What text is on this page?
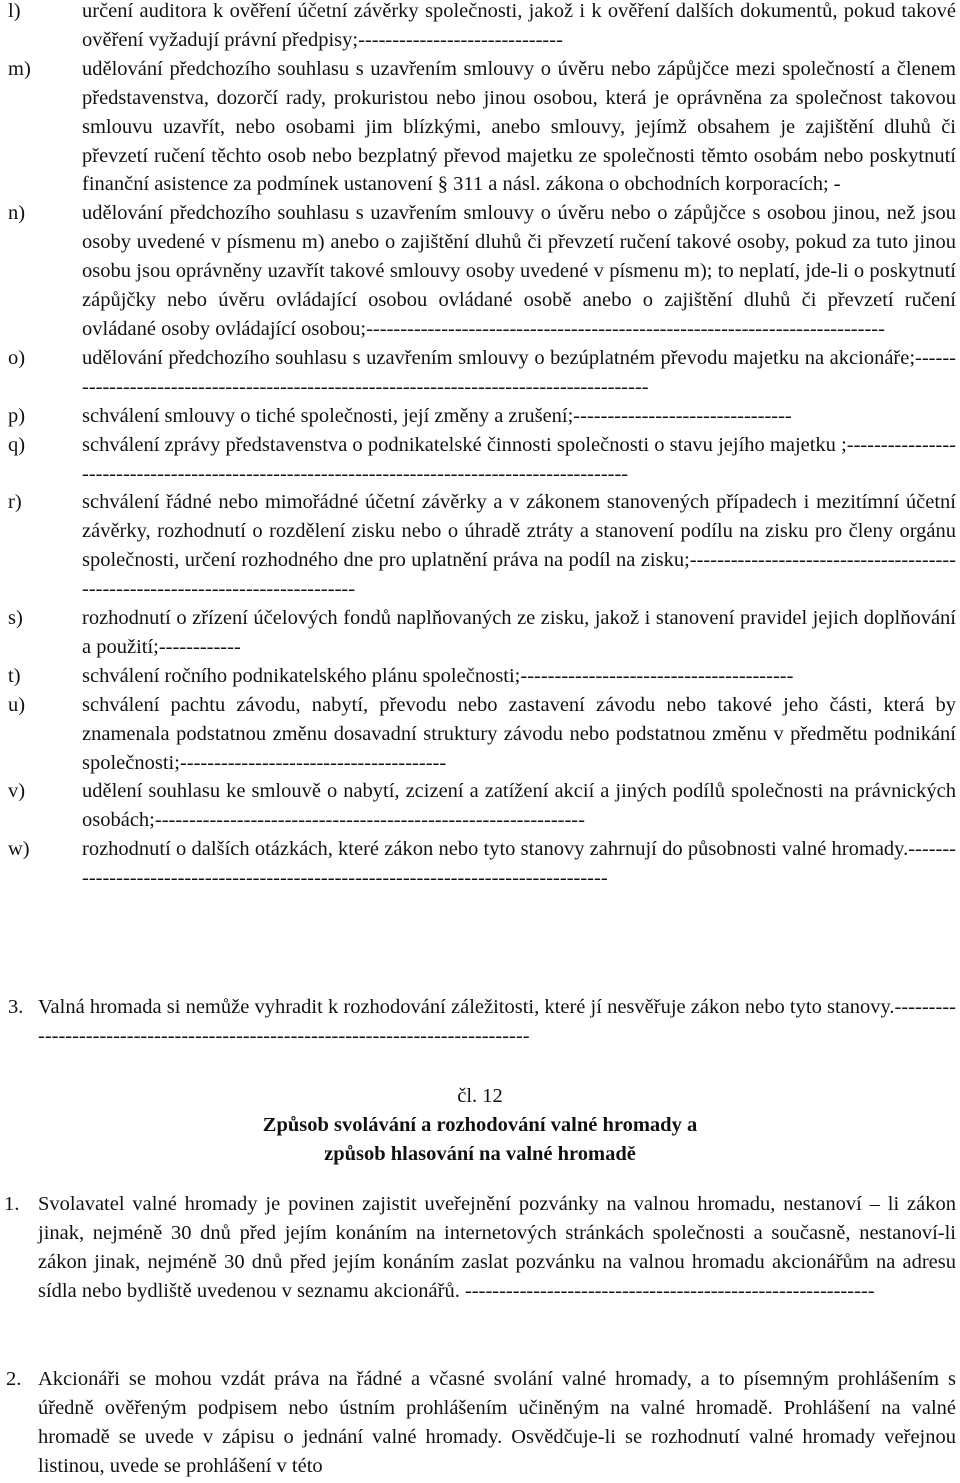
l)	určení auditora k ověření účetní závěrky společnosti, jakož i k ověření dalších dokumentů, pokud takové ověření vyžadují právní předpisy;------------------------------
m)	udělování předchozího souhlasu s uzavřením smlouvy o úvěru nebo zápůjčce mezi společností a členem představenstva, dozorčí rady, prokuristou nebo jinou osobou, která je oprávněna za společnost takovou smlouvu uzavřít, nebo osobami jim blízkými, anebo smlouvy, jejímž obsahem je zajištění dluhů či převzetí ručení těchto osob nebo bezplatný převod majetku ze společnosti těmto osobám nebo poskytnutí finanční asistence za podmínek ustanovení § 311 a násl. zákona o obchodních korporacích; -
n)	udělování předchozího souhlasu s uzavřením smlouvy o úvěru nebo o zápůjčce s osobou jinou, než jsou osoby uvedené v písmenu m) anebo o zajištění dluhů či převzetí ručení takové osoby, pokud za tuto jinou osobu jsou oprávněny uzavřít takové smlouvy osoby uvedené v písmenu m); to neplatí, jde-li o poskytnutí zápůjčky nebo úvěru ovládající osobou ovládané osobě anebo o zajištění dluhů či převzetí ručení ovládané osoby ovládající osobou;----------------------------------------------------------------------------
o)	udělování předchozího souhlasu s uzavřením smlouvy o bezúplatném převodu majetku na akcionáře;-----------------------------------------------------------------------------------------
p)	schválení smlouvy o tiché společnosti, její změny a zrušení;--------------------------------
q)	schválení zprávy představenstva o podnikatelské činnosti společnosti o stavu jejího majetku ;------------------------------------------------------------------------------------------------
r)	schválení řádné nebo mimořádné účetní závěrky a v zákonem stanovených případech i mezitímní účetní závěrky, rozhodnutí o rozdělení zisku nebo o úhradě ztráty a stanovení podílu na zisku pro členy orgánu společnosti, určení rozhodného dne pro uplatnění práva na podíl na zisku;-------------------------------------------------------------------------------
s)	rozhodnutí o zřízení účelových fondů naplňovaných ze zisku, jakož i stanovení pravidel jejich doplňování a použití;------------
t)	schválení ročního podnikatelského plánu společnosti;----------------------------------------
u)	schválení pachtu závodu, nabytí, převodu nebo zastavení závodu nebo takové jeho části, která by znamenala podstatnou změnu dosavadní struktury závodu nebo podstatnou změnu v předmětu podnikání společnosti;---------------------------------------
v)	udělení souhlasu ke smlouvě o nabytí, zcizení a zatížení akcií a jiných podílů společnosti na právnických osobách;---------------------------------------------------------------
w)	rozhodnutí o dalších otázkách, které zákon nebo tyto stanovy zahrnují do působnosti valné hromady.------------------------------------------------------------------------------------
3. Valná hromada si nemůže vyhradit k rozhodování záležitosti, které jí nesvěřuje zákon nebo tyto stanovy.---------------------------------------------------------------------------------
čl. 12
Způsob svolávání a rozhodování valné hromady a
způsob hlasování na valné hromadě
1. Svolavatel valné hromady je povinen zajistit uveřejnění pozvánky na valnou hromadu, nestanoví – li zákon jinak, nejméně 30 dnů před jejím konáním na internetových stránkách společnosti a současně, nestanoví-li zákon jinak, nejméně 30 dnů před jejím konáním zaslat pozvánku na valnou hromadu akcionářům na adresu sídla nebo bydliště uvedenou v seznamu akcionářů. ------------------------------------------------------------
2. Akcionáři se mohou vzdát práva na řádné a včasné svolání valné hromady, a to písemným prohlášením s úředně ověřeným podpisem nebo ústním prohlášením učiněným na valné hromadě. Prohlášení na valné hromadě se uvede v zápisu o jednání valné hromady. Osvědčuje-li se rozhodnutí valné hromady veřejnou listinou, uvede se prohlášení v této
